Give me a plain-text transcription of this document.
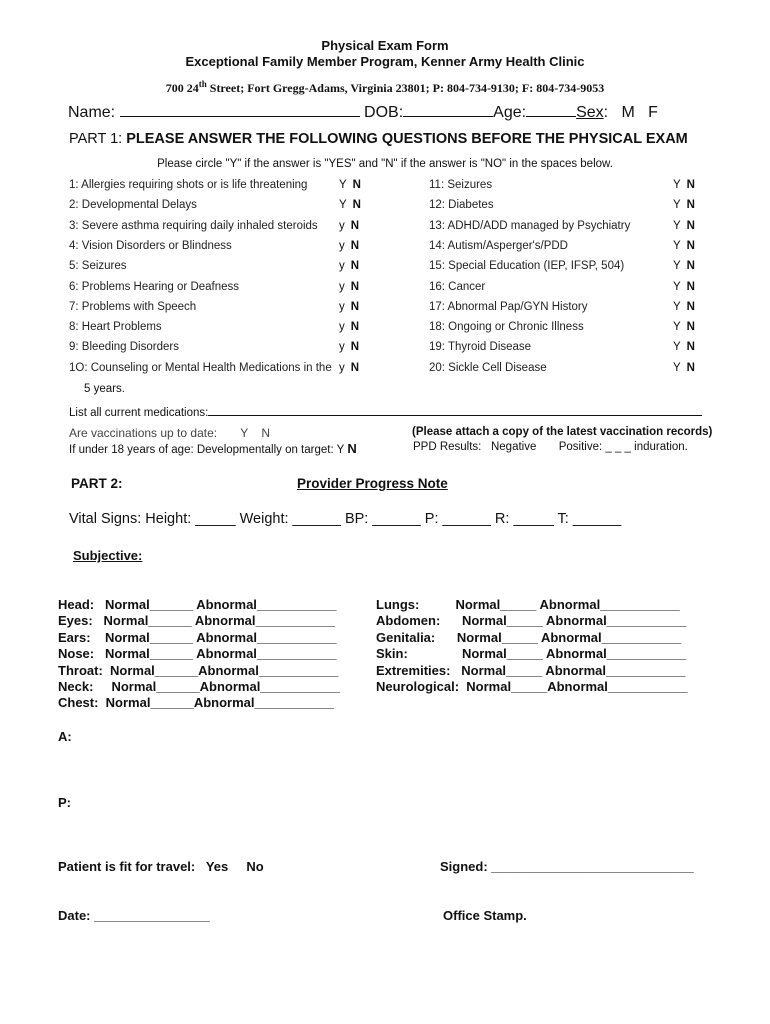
Physical Exam Form
Exceptional Family Member Program, Kenner Army Health Clinic
700 24th Street; Fort Gregg-Adams, Virginia 23801; P: 804-734-9130; F: 804-734-9053
Name:	DOB:	Age:	Sex:   M   F
PART 1: PLEASE ANSWER THE FOLLOWING QUESTIONS BEFORE THE PHYSICAL EXAM
Please circle "Y" if the answer is "YES" and "N" if the answer is "NO" in the spaces below.
1: Allergies requiring shots or is life threatening	Y N
2: Developmental Delays	Y N
3: Severe asthma requiring daily inhaled steroids y N
4: Vision Disorders or Blindness	y N
5: Seizures	y N
6: Problems Hearing or Deafness	y N
7: Problems with Speech	y N
8: Heart Problems	y N
9: Bleeding Disorders	y N
1O: Counseling or Mental Health Medications in the y N
11: Seizures	Y N
12: Diabetes	Y N
13: ADHD/ADD managed by Psychiatry	Y N
14: Autism/Asperger's/PDD	Y N
15: Special Education (IEP, IFSP, 504)	Y N
16: Cancer	Y N
17: Abnormal Pap/GYN History	Y N
18: Ongoing or Chronic Illness	Y N
19: Thyroid Disease	Y N
20: Sickle Cell Disease	Y N
5 years.
List all current medications:
Are vaccinations up to date:       Y    N
If under 18 years of age: Developmentally on target: Y N
(Please attach a copy of the latest vaccination records)
PPD Results:   Negative       Positive: _ _ _ induration.
PART 2:	Provider Progress Note
Vital Signs: Height: _____ Weight: ______ BP: ______ P: ______ R: _____ T: ______
Subjective:
Head:   Normal______ Abnormal___________
Eyes:   Normal______ Abnormal___________
Ears:    Normal______ Abnormal___________
Nose:   Normal______ Abnormal___________
Throat:  Normal______Abnormal___________
Neck:     Normal______Abnormal___________
Chest:  Normal______Abnormal___________
Lungs:          Normal_____ Abnormal___________
Abdomen:      Normal_____ Abnormal___________
Genitalia:      Normal_____ Abnormal___________
Skin:               Normal_____ Abnormal___________
Extremities:   Normal_____ Abnormal___________
Neurological:  Normal_____Abnormal___________
A:
P:
Patient is fit for travel:   Yes     No	Signed: ____________________________
Date: ________________	Office Stamp.
